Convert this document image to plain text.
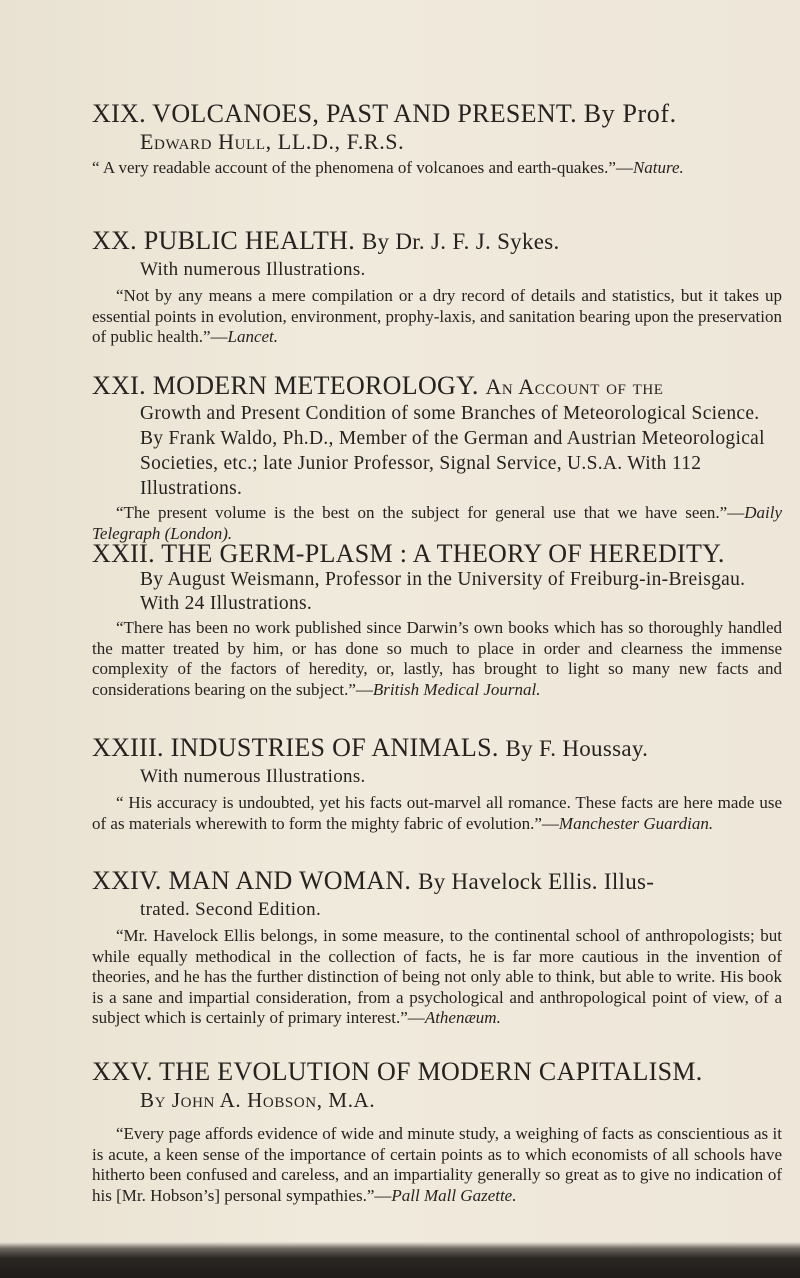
XIX. VOLCANOES, PAST AND PRESENT. By Prof.
Edward Hull, LL.D., F.R.S.

“ A very readable account of the phenomena of volcanoes and earth-quakes.”—Nature.

XX. PUBLIC HEALTH. By Dr. J. F. J. Sykes.
With numerous Illustrations.

“Not by any means a mere compilation or a dry record of details and statistics, but it takes up essential points in evolution, environment, prophy-laxis, and sanitation bearing upon the preservation of public health.”—Lancet.

XXI. MODERN METEOROLOGY. An Account of the
Growth and Present Condition of some Branches of Meteorological Science. By Frank Waldo, Ph.D., Member of the German and Austrian Meteorological Societies, etc.; late Junior Professor, Signal Service, U.S.A. With 112 Illustrations.

“The present volume is the best on the subject for general use that we have seen.”—Daily Telegraph (London).

XXII. THE GERM-PLASM : A THEORY OF HEREDITY.
By August Weismann, Professor in the University of Freiburg-in-Breisgau. With 24 Illustrations.

“There has been no work published since Darwin’s own books which has so thoroughly handled the matter treated by him, or has done so much to place in order and clearness the immense complexity of the factors of heredity, or, lastly, has brought to light so many new facts and considerations bearing on the subject.”—British Medical Journal.

XXIII. INDUSTRIES OF ANIMALS. By F. Houssay.
With numerous Illustrations.

“ His accuracy is undoubted, yet his facts out-marvel all romance. These facts are here made use of as materials wherewith to form the mighty fabric of evolution.”—Manchester Guardian.

XXIV. MAN AND WOMAN. By Havelock Ellis. Illus-
trated. Second Edition.

“Mr. Havelock Ellis belongs, in some measure, to the continental school of anthropologists; but while equally methodical in the collection of facts, he is far more cautious in the invention of theories, and he has the further distinction of being not only able to think, but able to write. His book is a sane and impartial consideration, from a psychological and anthropological point of view, of a subject which is certainly of primary interest.”—Athenæum.

XXV. THE EVOLUTION OF MODERN CAPITALISM.
By John A. Hobson, M.A.

“Every page affords evidence of wide and minute study, a weighing of facts as conscientious as it is acute, a keen sense of the importance of certain points as to which economists of all schools have hitherto been confused and careless, and an impartiality generally so great as to give no indication of his [Mr. Hobson’s] personal sympathies.”—Pall Mall Gazette.
